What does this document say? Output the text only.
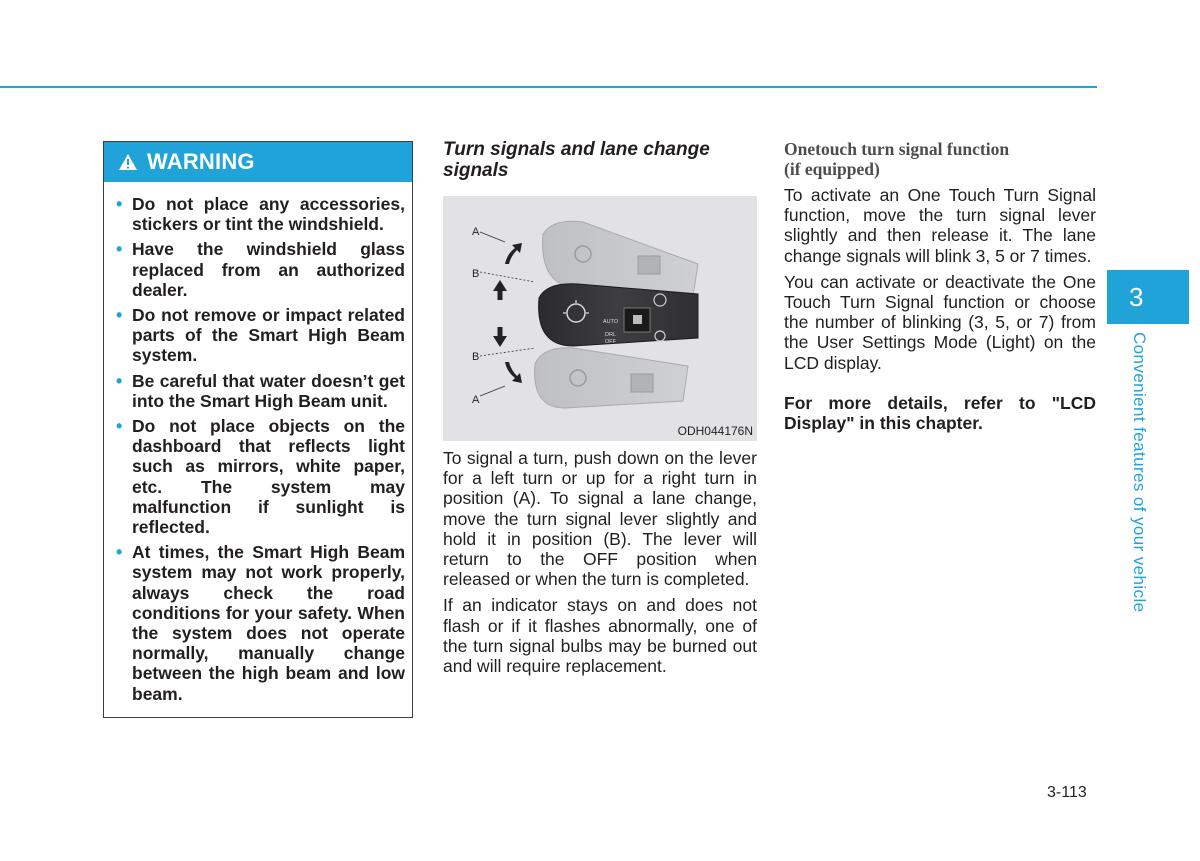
WARNING
• Do not place any accessories, stickers or tint the windshield.
• Have the windshield glass replaced from an authorized dealer.
• Do not remove or impact related parts of the Smart High Beam system.
• Be careful that water doesn’t get into the Smart High Beam unit.
• Do not place objects on the dashboard that reflects light such as mirrors, white paper, etc. The system may malfunction if sunlight is reflected.
• At times, the Smart High Beam system may not work properly, always check the road conditions for your safety. When the system does not operate normally, manually change between the high beam and low beam.
Turn signals and lane change signals
AUTO
DRL
OFF
A
B
B
A
ODH044176N

To signal a turn, push down on the lever for a left turn or up for a right turn in position (A). To signal a lane change, move the turn signal lever slightly and hold it in position (B). The lever will return to the OFF position when released or when the turn is completed.

If an indicator stays on and does not flash or if it flashes abnormally, one of the turn signal bulbs may be burned out and will require replacement.

Onetouch turn signal function
(if equipped)

To activate an One Touch Turn Signal function, move the turn signal lever slightly and then release it. The lane change signals will blink 3, 5 or 7 times.

You can activate or deactivate the One Touch Turn Signal function or choose the number of blinking (3, 5, or 7) from the User Settings Mode (Light) on the LCD display.

For more details, refer to "LCD Display" in this chapter.

3
Convenient features of your vehicle
3-113
